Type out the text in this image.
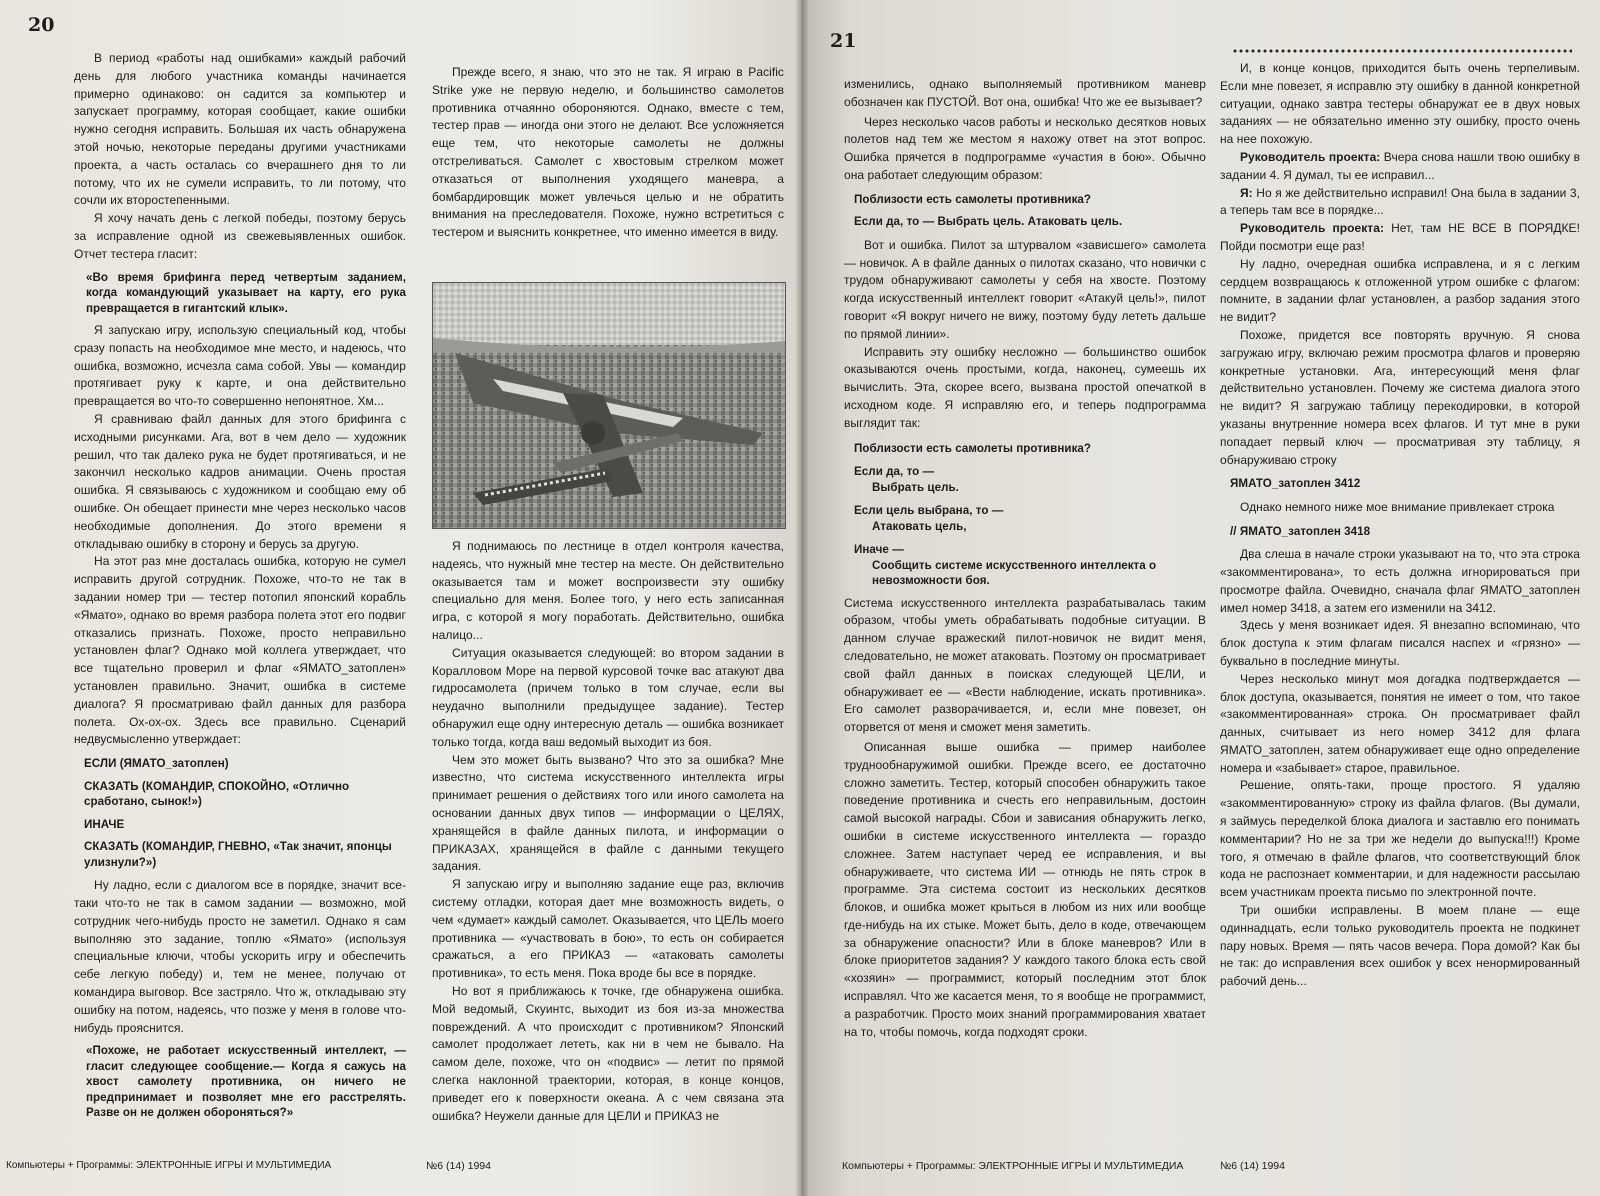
20

В период «работы над ошибками» каждый рабочий день для любого участника команды начинается примерно одинаково: он садится за компьютер и запускает программу, которая сообщает, какие ошибки нужно сегодня исправить. Большая их часть обнаружена этой ночью, некоторые переданы другими участниками проекта, а часть осталась со вчерашнего дня то ли потому, что их не сумели исправить, то ли потому, что сочли их второстепенными.

Я хочу начать день с легкой победы, поэтому берусь за исправление одной из свежевыявленных ошибок. Отчет тестера гласит:

«Во время брифинга перед четвертым заданием, когда командующий указывает на карту, его рука превращается в гигантский клык».

Я запускаю игру, использую специальный код, чтобы сразу попасть на необходимое мне место, и надеюсь, что ошибка, возможно, исчезла сама собой. Увы — командир протягивает руку к карте, и она действительно превращается во что-то совершенно непонятное. Хм...

Я сравниваю файл данных для этого брифинга с исходными рисунками. Ага, вот в чем дело — художник решил, что так далеко рука не будет протягиваться, и не закончил несколько кадров анимации. Очень простая ошибка. Я связываюсь с художником и сообщаю ему об ошибке. Он обещает принести мне через несколько часов необходимые дополнения. До этого времени я откладываю ошибку в сторону и берусь за другую.

На этот раз мне досталась ошибка, которую не сумел исправить другой сотрудник. Похоже, что-то не так в задании номер три — тестер потопил японский корабль «Ямато», однако во время разбора полета этот его подвиг отказались признать. Похоже, просто неправильно установлен флаг? Однако мой коллега утверждает, что все тщательно проверил и флаг «ЯМАТО_затоплен» установлен правильно. Значит, ошибка в системе диалога? Я просматриваю файл данных для разбора полета. Ох-ох-ох. Здесь все правильно. Сценарий недвусмысленно утверждает:

ЕСЛИ (ЯМАТО_затоплен)

СКАЗАТЬ (КОМАНДИР, СПОКОЙНО, «Отлично сработано, сынок!»)

ИНАЧЕ

СКАЗАТЬ (КОМАНДИР, ГНЕВНО, «Так значит, японцы улизнули?»)

Ну ладно, если с диалогом все в порядке, значит все-таки что-то не так в самом задании — возможно, мой сотрудник чего-нибудь просто не заметил. Однако я сам выполняю это задание, топлю «Ямато» (используя специальные ключи, чтобы ускорить игру и обеспечить себе легкую победу) и, тем не менее, получаю от командира выговор. Все застряло. Что ж, откладываю эту ошибку на потом, надеясь, что позже у меня в голове что-нибудь прояснится.

«Похоже, не работает искусственный интеллект, — гласит следующее сообщение.— Когда я сажусь на хвост самолету противника, он ничего не предпринимает и позволяет мне его расстрелять. Разве он не должен обороняться?»

Прежде всего, я знаю, что это не так. Я играю в Pacific Strike уже не первую неделю, и большинство самолетов противника отчаянно обороняются. Однако, вместе с тем, тестер прав — иногда они этого не делают. Все усложняется еще тем, что некоторые самолеты не должны отстреливаться. Самолет с хвостовым стрелком может отказаться от выполнения уходящего маневра, а бомбардировщик может увлечься целью и не обратить внимания на преследователя. Похоже, нужно встретиться с тестером и выяснить конкретнее, что именно имеется в виду.

Я поднимаюсь по лестнице в отдел контроля качества, надеясь, что нужный мне тестер на месте. Он действительно оказывается там и может воспроизвести эту ошибку специально для меня. Более того, у него есть записанная игра, с которой я могу поработать. Действительно, ошибка налицо...

Ситуация оказывается следующей: во втором задании в Коралловом Море на первой курсовой точке вас атакуют два гидросамолета (причем только в том случае, если вы неудачно выполнили предыдущее задание). Тестер обнаружил еще одну интересную деталь — ошибка возникает только тогда, когда ваш ведомый выходит из боя.

Чем это может быть вызвано? Что это за ошибка? Мне известно, что система искусственного интеллекта игры принимает решения о действиях того или иного самолета на основании данных двух типов — информации о ЦЕЛЯХ, хранящейся в файле данных пилота, и информации о ПРИКАЗАХ, хранящейся в файле с данными текущего задания.

Я запускаю игру и выполняю задание еще раз, включив систему отладки, которая дает мне возможность видеть, о чем «думает» каждый самолет. Оказывается, что ЦЕЛЬ моего противника — «участвовать в бою», то есть он собирается сражаться, а его ПРИКАЗ — «атаковать самолеты противника», то есть меня. Пока вроде бы все в порядке.

Но вот я приближаюсь к точке, где обнаружена ошибка. Мой ведомый, Скуинтс, выходит из боя из-за множества повреждений. А что происходит с противником? Японский самолет продолжает лететь, как ни в чем не бывало. На самом деле, похоже, что он «подвис» — летит по прямой слегка наклонной траектории, которая, в конце концов, приведет его к поверхности океана. А с чем связана эта ошибка? Неужели данные для ЦЕЛИ и ПРИКАЗ не

Компьютеры + Программы: ЭЛЕКТРОННЫЕ ИГРЫ И МУЛЬТИМЕДИА	№6 (14) 1994
21

изменились, однако выполняемый противником маневр обозначен как ПУСТОЙ. Вот она, ошибка! Что же ее вызывает?

Через несколько часов работы и несколько десятков новых полетов над тем же местом я нахожу ответ на этот вопрос. Ошибка прячется в подпрограмме «участия в бою». Обычно она работает следующим образом:

Поблизости есть самолеты противника?

Если да, то — Выбрать цель. Атаковать цель.

Вот и ошибка. Пилот за штурвалом «зависшего» самолета — новичок. А в файле данных о пилотах сказано, что новички с трудом обнаруживают самолеты у себя на хвосте. Поэтому когда искусственный интеллект говорит «Атакуй цель!», пилот говорит «Я вокруг ничего не вижу, поэтому буду лететь дальше по прямой линии».

Исправить эту ошибку несложно — большинство ошибок оказываются очень простыми, когда, наконец, сумеешь их вычислить. Эта, скорее всего, вызвана простой опечаткой в исходном коде. Я исправляю его, и теперь подпрограмма выглядит так:

Поблизости есть самолеты противника?

Если да, то —

Выбрать цель.

Если цель выбрана, то —

Атаковать цель,

Иначе —

Сообщить системе искусственного интеллекта о невозможности боя.

Система искусственного интеллекта разрабатывалась таким образом, чтобы уметь обрабатывать подобные ситуации. В данном случае вражеский пилот-новичок не видит меня, следовательно, не может атаковать. Поэтому он просматривает свой файл данных в поисках следующей ЦЕЛИ, и обнаруживает ее — «Вести наблюдение, искать противника». Его самолет разворачивается, и, если мне повезет, он оторвется от меня и сможет меня заметить.

Описанная выше ошибка — пример наиболее труднообнаружимой ошибки. Прежде всего, ее достаточно сложно заметить. Тестер, который способен обнаружить такое поведение противника и счесть его неправильным, достоин самой высокой награды. Сбои и зависания обнаружить легко, ошибки в системе искусственного интеллекта — гораздо сложнее. Затем наступает черед ее исправления, и вы обнаруживаете, что система ИИ — отнюдь не пять строк в программе. Эта система состоит из нескольких десятков блоков, и ошибка может крыться в любом из них или вообще где-нибудь на их стыке. Может быть, дело в коде, отвечающем за обнаружение опасности? Или в блоке маневров? Или в блоке приоритетов задания? У каждого такого блока есть свой «хозяин» — программист, который последним этот блок исправлял. Что же касается меня, то я вообще не программист, а разработчик. Просто моих знаний программирования хватает на то, чтобы помочь, когда подходят сроки.

И, в конце концов, приходится быть очень терпеливым. Если мне повезет, я исправлю эту ошибку в данной конкретной ситуации, однако завтра тестеры обнаружат ее в двух новых заданиях — не обязательно именно эту ошибку, просто очень на нее похожую.

Руководитель проекта: Вчера снова нашли твою ошибку в задании 4. Я думал, ты ее исправил...

Я: Но я же действительно исправил! Она была в задании 3, а теперь там все в порядке...

Руководитель проекта: Нет, там НЕ ВСЕ В ПОРЯДКЕ! Пойди посмотри еще раз!

Ну ладно, очередная ошибка исправлена, и я с легким сердцем возвращаюсь к отложенной утром ошибке с флагом: помните, в задании флаг установлен, а разбор задания этого не видит?

Похоже, придется все повторять вручную. Я снова загружаю игру, включаю режим просмотра флагов и проверяю конкретные установки. Ага, интересующий меня флаг действительно установлен. Почему же система диалога этого не видит? Я загружаю таблицу перекодировки, в которой указаны внутренние номера всех флагов. И тут мне в руки попадает первый ключ — просматривая эту таблицу, я обнаруживаю строку

ЯМАТО_затоплен 3412

Однако немного ниже мое внимание привлекает строка

// ЯМАТО_затоплен 3418

Два слеша в начале строки указывают на то, что эта строка «закомментирована», то есть должна игнорироваться при просмотре файла. Очевидно, сначала флаг ЯМАТО_затоплен имел номер 3418, а затем его изменили на 3412.

Здесь у меня возникает идея. Я внезапно вспоминаю, что блок доступа к этим флагам писался наспех и «грязно» — буквально в последние минуты.

Через несколько минут моя догадка подтверждается — блок доступа, оказывается, понятия не имеет о том, что такое «закомментированная» строка. Он просматривает файл данных, считывает из него номер 3412 для флага ЯМАТО_затоплен, затем обнаруживает еще одно определение номера и «забывает» старое, правильное.

Решение, опять-таки, проще простого. Я удаляю «закомментированную» строку из файла флагов. (Вы думали, я займусь переделкой блока диалога и заставлю его понимать комментарии? Но не за три же недели до выпуска!!!) Кроме того, я отмечаю в файле флагов, что соответствующий блок кода не распознает комментарии, и для надежности рассылаю всем участникам проекта письмо по электронной почте.

Три ошибки исправлены. В моем плане — еще одиннадцать, если только руководитель проекта не подкинет пару новых. Время — пять часов вечера. Пора домой? Как бы не так: до исправления всех ошибок у всех ненормированный рабочий день...

Компьютеры + Программы: ЭЛЕКТРОННЫЕ ИГРЫ И МУЛЬТИМЕДИА	№6 (14) 1994
